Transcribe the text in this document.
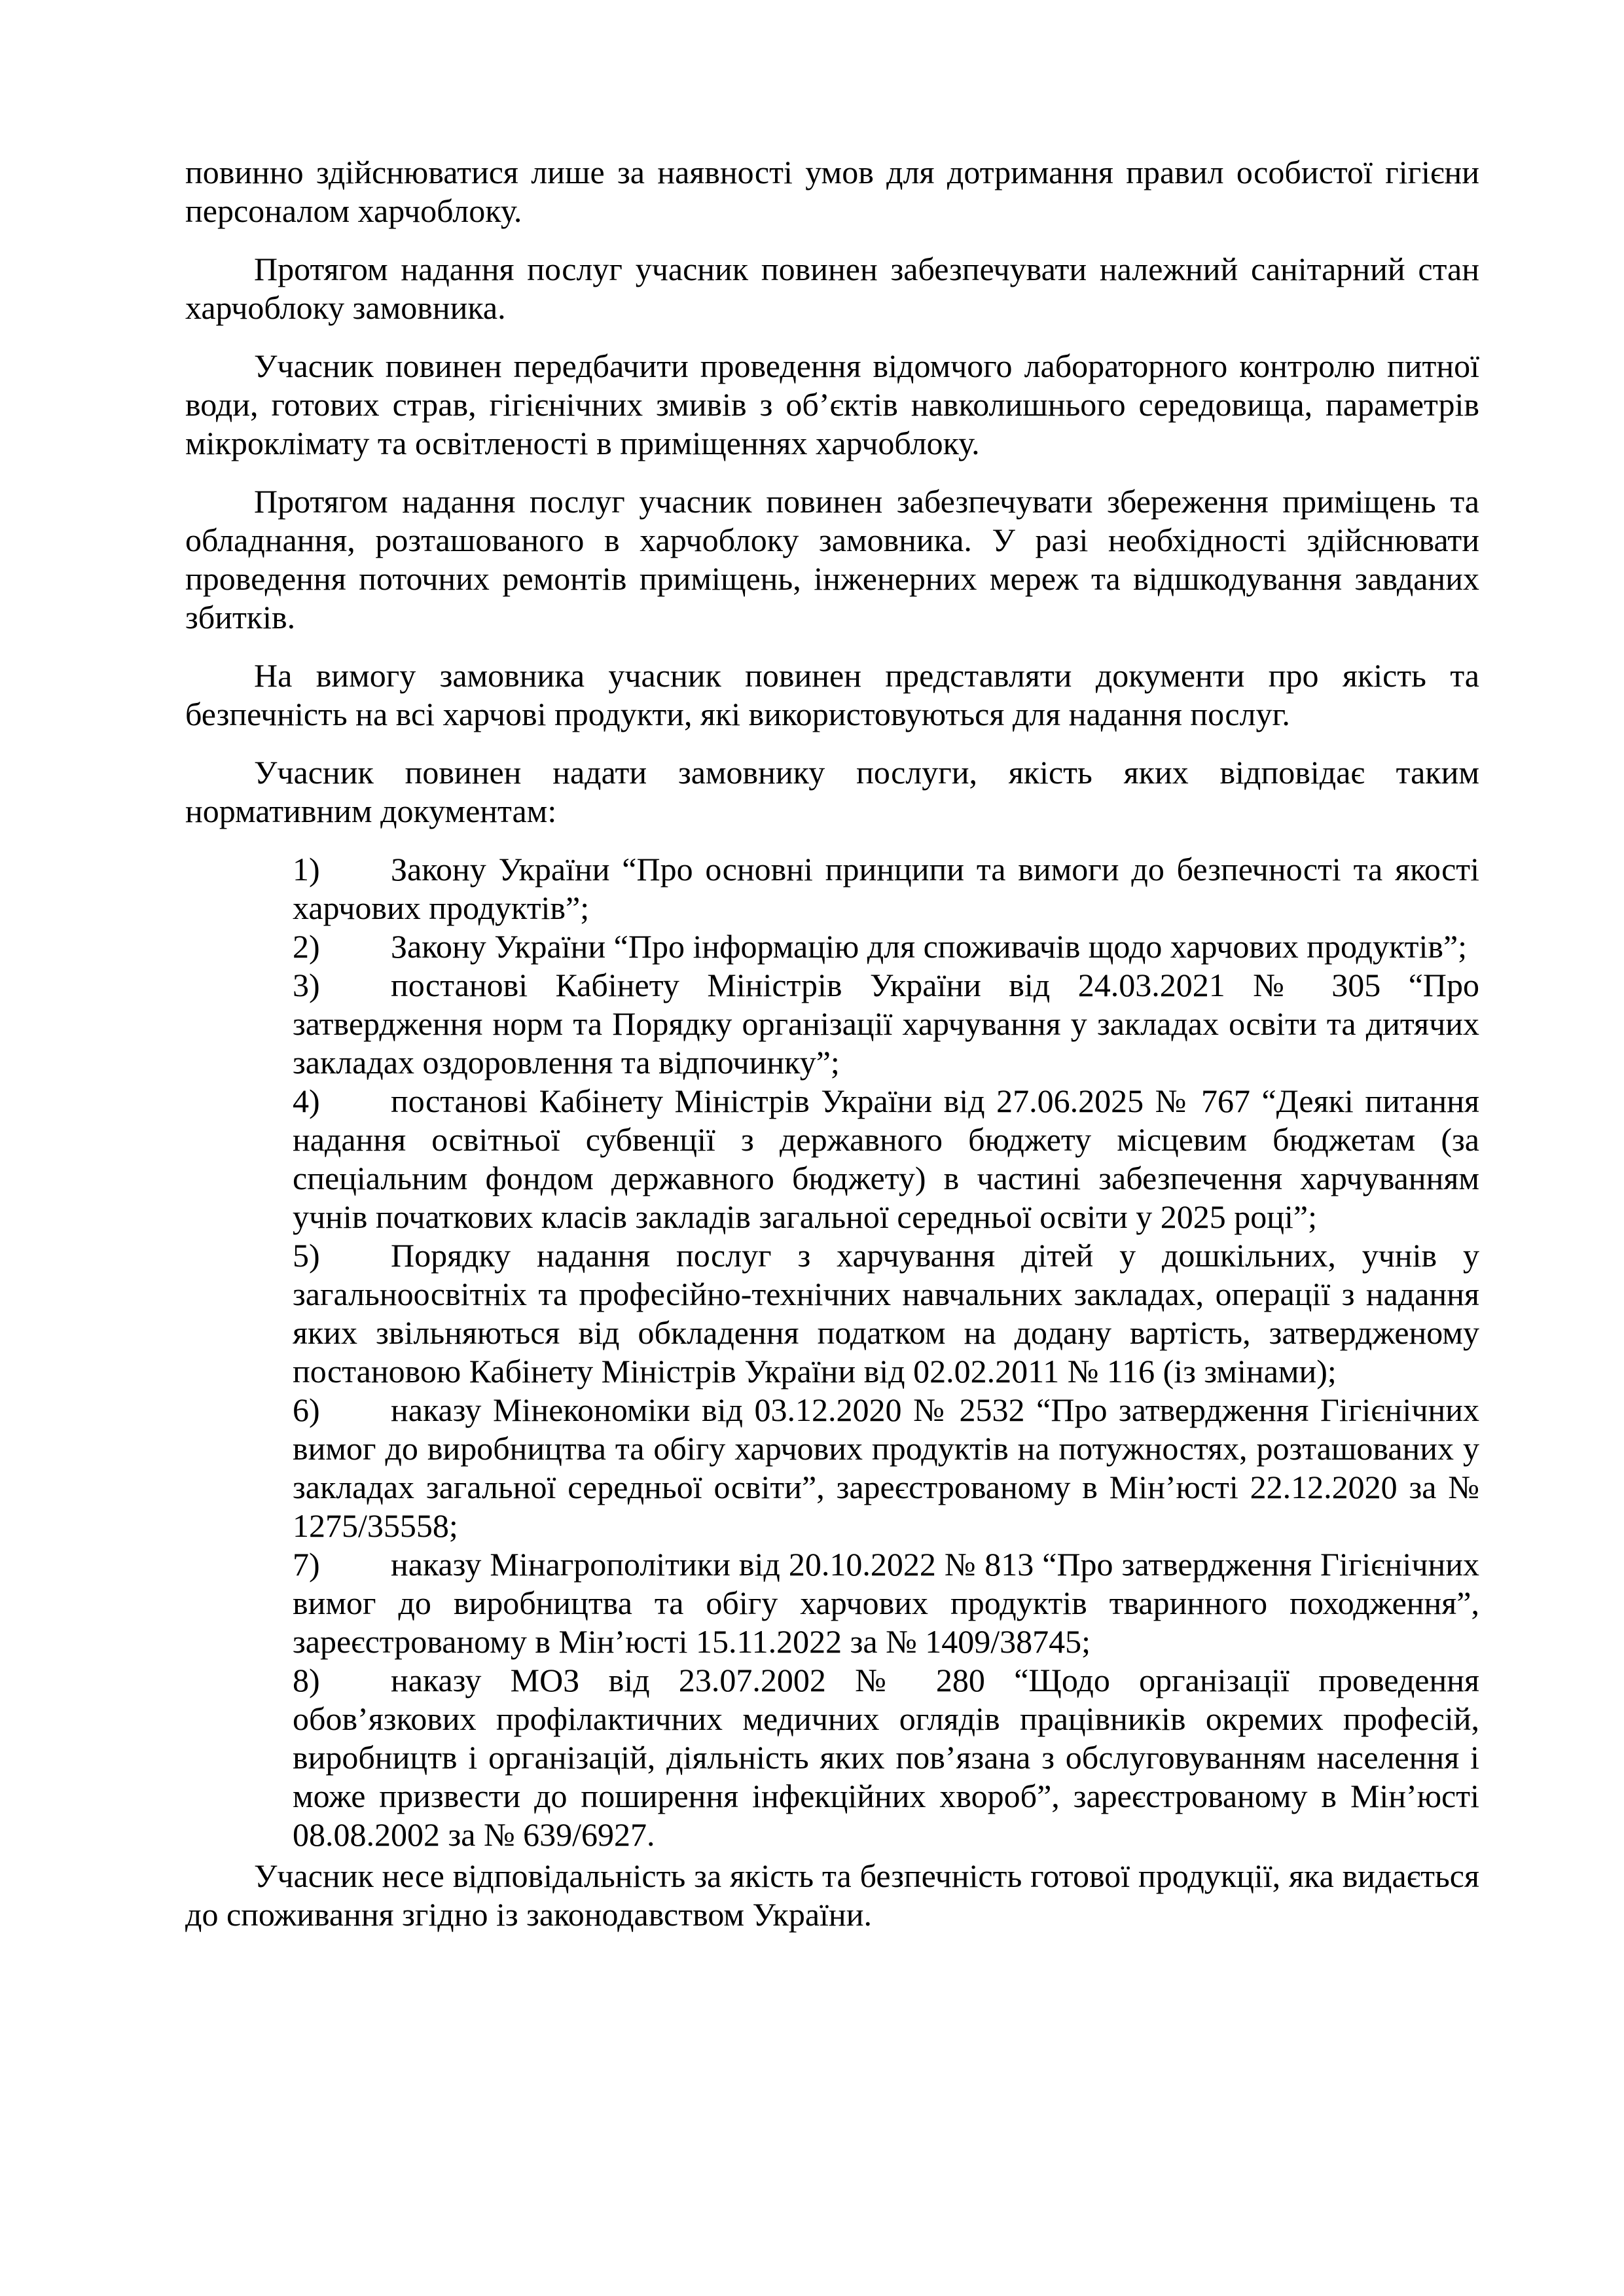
повинно здійснюватися лише за наявності умов для дотримання правил особистої гігієни персоналом харчоблоку.

Протягом надання послуг учасник повинен забезпечувати належний санітарний стан харчоблоку замовника.

Учасник повинен передбачити проведення відомчого лабораторного контролю питної води, готових страв, гігієнічних змивів з об’єктів навколишнього середовища, параметрів мікроклімату та освітленості в приміщеннях харчоблоку.

Протягом надання послуг учасник повинен забезпечувати збереження приміщень та обладнання, розташованого в харчоблоку замовника. У разі необхідності здійснювати проведення поточних ремонтів приміщень, інженерних мереж та відшкодування завданих збитків.

На вимогу замовника учасник повинен представляти документи про якість та безпечність на всі харчові продукти, які використовуються для надання послуг.

Учасник повинен надати замовнику послуги, якість яких відповідає таким нормативним документам:

1) Закону України “Про основні принципи та вимоги до безпечності та якості харчових продуктів”;

2) Закону України “Про інформацію для споживачів щодо харчових продуктів”;

3) постанові Кабінету Міністрів України від 24.03.2021 № 305 “Про затвердження норм та Порядку організації харчування у закладах освіти та дитячих закладах оздоровлення та відпочинку”;

4) постанові Кабінету Міністрів України від 27.06.2025 № 767 “Деякі питання надання освітньої субвенції з державного бюджету місцевим бюджетам (за спеціальним фондом державного бюджету) в частині забезпечення харчуванням учнів початкових класів закладів загальної середньої освіти у 2025 році”;

5) Порядку надання послуг з харчування дітей у дошкільних, учнів у загальноосвітніх та професійно-технічних навчальних закладах, операції з надання яких звільняються від обкладення податком на додану вартість, затвердженому постановою Кабінету Міністрів України від 02.02.2011 № 116 (із змінами);

6) наказу Мінекономіки від 03.12.2020 № 2532 “Про затвердження Гігієнічних вимог до виробництва та обігу харчових продуктів на потужностях, розташованих у закладах загальної середньої освіти”, зареєстрованому в Мін’юсті 22.12.2020 за № 1275/35558;

7) наказу Мінагрополітики від 20.10.2022 № 813 “Про затвердження Гігієнічних вимог до виробництва та обігу харчових продуктів тваринного походження”, зареєстрованому в Мін’юсті 15.11.2022 за № 1409/38745;

8) наказу МОЗ від 23.07.2002 № 280 “Щодо організації проведення обов’язкових профілактичних медичних оглядів працівників окремих професій, виробництв і організацій, діяльність яких пов’язана з обслуговуванням населення і може призвести до поширення інфекційних хвороб”, зареєстрованому в Мін’юсті 08.08.2002 за № 639/6927.

Учасник несе відповідальність за якість та безпечність готової продукції, яка видається до споживання згідно із законодавством України.
